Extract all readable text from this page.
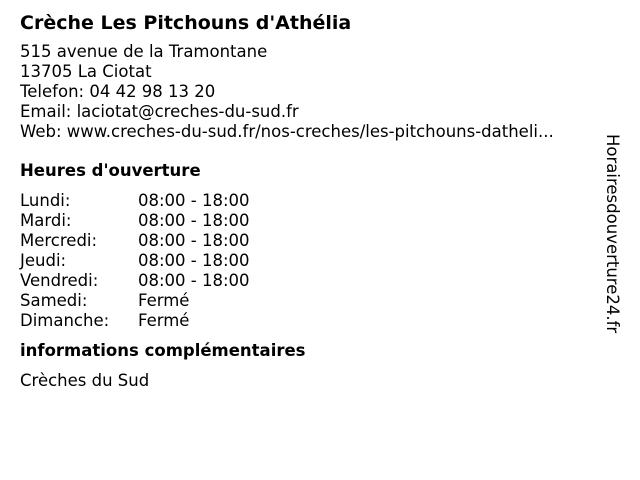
Crèche Les Pitchouns d'Athélia
515 avenue de la Tramontane
13705 La Ciotat
Telefon: 04 42 98 13 20
Email: laciotat@creches-du-sud.fr
Web: www.creches-du-sud.fr/nos-creches/les-pitchouns-datheli...
Heures d'ouverture
Lundi:	08:00 - 18:00
Mardi:	08:00 - 18:00
Mercredi: 08:00 - 18:00
Jeudi:	08:00 - 18:00
Vendredi: 08:00 - 18:00
Samedi:	Fermé
Dimanche: Fermé
informations complémentaires
Crèches du Sud
Horairesdouverture24.fr
